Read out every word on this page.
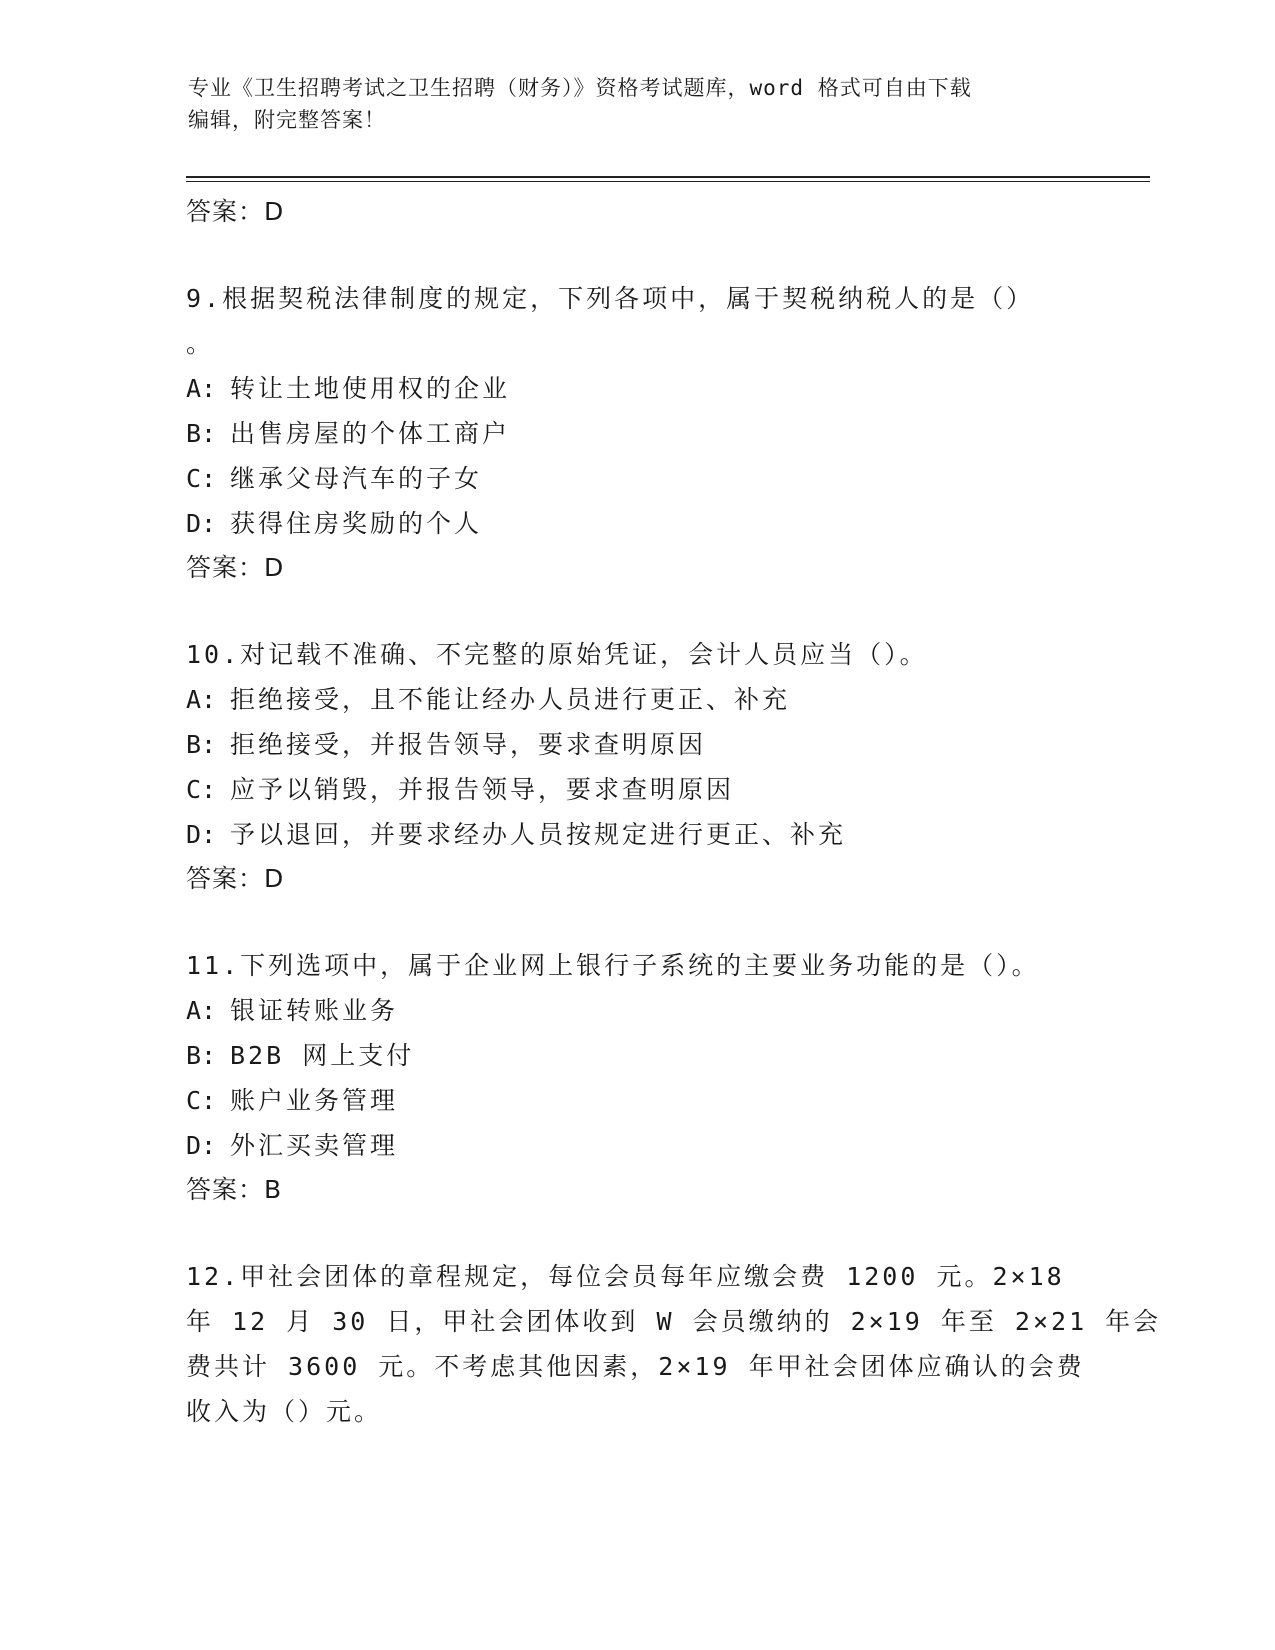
专业《卫生招聘考试之卫生招聘（财务）》资格考试题库，word 格式可自由下载
编辑，附完整答案！
答案：D
9.根据契税法律制度的规定，下列各项中，属于契税纳税人的是（）
。
A: 转让土地使用权的企业
B: 出售房屋的个体工商户
C: 继承父母汽车的子女
D: 获得住房奖励的个人
答案：D
10.对记载不准确、不完整的原始凭证，会计人员应当（）。
A: 拒绝接受，且不能让经办人员进行更正、补充
B: 拒绝接受，并报告领导，要求查明原因
C: 应予以销毁，并报告领导，要求查明原因
D: 予以退回，并要求经办人员按规定进行更正、补充
答案：D
11.下列选项中，属于企业网上银行子系统的主要业务功能的是（）。
A: 银证转账业务
B: B2B 网上支付
C: 账户业务管理
D: 外汇买卖管理
答案：B
12.甲社会团体的章程规定，每位会员每年应缴会费 1200 元。2×18
年 12 月 30 日，甲社会团体收到 W 会员缴纳的 2×19 年至 2×21 年会
费共计 3600 元。不考虑其他因素，2×19 年甲社会团体应确认的会费
收入为（）元。
